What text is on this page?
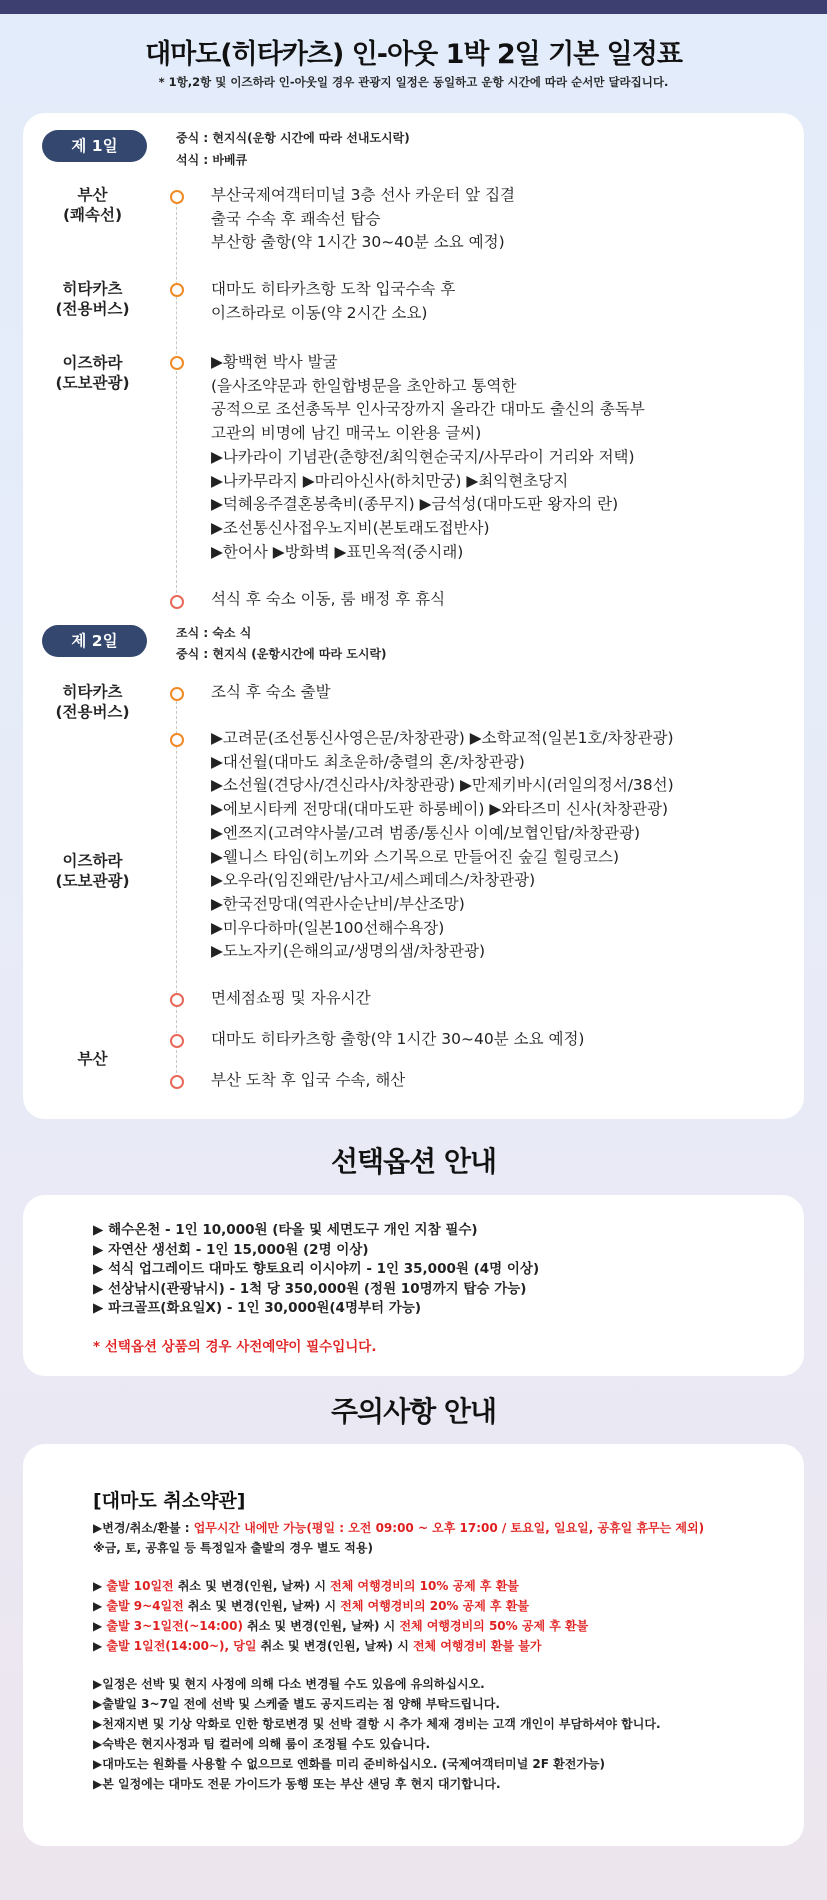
대마도(히타카츠) 인-아웃 1박 2일 기본 일정표
* 1항,2항 및 이즈하라 인-아웃일 경우 관광지 일정은 동일하고 운항 시간에 따라 순서만 달라집니다.
제 1일	중식 : 현지식(운항 시간에 따라 선내도시락)
석식 : 바베큐
부산
(쾌속선)
히타카츠
(전용버스)
이즈하라
(도보관광)
부산국제여객터미널 3층 선사 카운터 앞 집결
출국 수속 후 쾌속선 탑승
부산항 출항(약 1시간 30~40분 소요 예정)
대마도 히타카츠항 도착 입국수속 후
이즈하라로 이동(약 2시간 소요)
▶황백현 박사 발굴
(을사조약문과 한일합병문을 초안하고 통역한
공적으로 조선총독부 인사국장까지 올라간 대마도 출신의 총독부
고관의 비명에 남긴 매국노 이완용 글씨)
▶나카라이 기념관(춘향전/최익현순국지/사무라이 거리와 저택)
▶나카무라지 ▶마리아신사(하치만궁) ▶최익현초당지
▶덕혜옹주결혼봉축비(종무지) ▶금석성(대마도판 왕자의 란)
▶조선통신사접우노지비(본토래도접반사)
▶한어사 ▶방화벽 ▶표민옥적(중시래)
석식 후 숙소 이동, 룸 배정 후 휴식
제 2일	조식 : 숙소 식
중식 : 현지식 (운항시간에 따라 도시락)
히타카츠
(전용버스)
이즈하라
(도보관광)
부산
조식 후 숙소 출발
▶고려문(조선통신사영은문/차창관광) ▶소학교적(일본1호/차창관광)
▶대선월(대마도 최초운하/충렬의 혼/차창관광)
▶소선월(견당사/견신라사/차창관광) ▶만제키바시(러일의정서/38선)
▶에보시타케 전망대(대마도판 하롱베이) ▶와타즈미 신사(차창관광)
▶엔쯔지(고려약사불/고려 범종/통신사 이예/보협인탑/차창관광)
▶웰니스 타임(히노끼와 스기목으로 만들어진 숲길 힐링코스)
▶오우라(임진왜란/남사고/세스페데스/차창관광)
▶한국전망대(역관사순난비/부산조망)
▶미우다하마(일본100선해수욕장)
▶도노자키(은해의교/생명의샘/차창관광)
면세점쇼핑 및 자유시간
대마도 히타카츠항 출항(약 1시간 30~40분 소요 예정)
부산 도착 후 입국 수속, 해산
선택옵션 안내
▶ 해수온천 - 1인 10,000원 (타올 및 세면도구 개인 지참 필수)
▶ 자연산 생선회 - 1인 15,000원 (2명 이상)
▶ 석식 업그레이드 대마도 향토요리 이시야끼 - 1인 35,000원 (4명 이상)
▶ 선상낚시(관광낚시) - 1척 당 350,000원 (정원 10명까지 탑승 가능)
▶ 파크골프(화요일X) - 1인 30,000원(4명부터 가능)
* 선택옵션 상품의 경우 사전예약이 필수입니다.
주의사항 안내
[대마도 취소약관]
▶변경/취소/환불 : 업무시간 내에만 가능(평일 : 오전 09:00 ~ 오후 17:00 / 토요일, 일요일, 공휴일 휴무는 제외)
※금, 토, 공휴일 등 특정일자 출발의 경우 별도 적용)
▶ 출발 10일전 취소 및 변경(인원, 날짜) 시 전체 여행경비의 10% 공제 후 환불
▶ 출발 9~4일전 취소 및 변경(인원, 날짜) 시 전체 여행경비의 20% 공제 후 환불
▶ 출발 3~1일전(~14:00) 취소 및 변경(인원, 날짜) 시 전체 여행경비의 50% 공제 후 환불
▶ 출발 1일전(14:00~), 당일 취소 및 변경(인원, 날짜) 시 전체 여행경비 환불 불가
▶일정은 선박 및 현지 사정에 의해 다소 변경될 수도 있음에 유의하십시오.
▶출발일 3~7일 전에 선박 및 스케줄 별도 공지드리는 점 양해 부탁드립니다.
▶천재지변 및 기상 악화로 인한 항로변경 및 선박 결항 시 추가 체재 경비는 고객 개인이 부담하셔야 합니다.
▶숙박은 현지사정과 팀 컬러에 의해 룸이 조정될 수도 있습니다.
▶대마도는 원화를 사용할 수 없으므로 엔화를 미리 준비하십시오. (국제여객터미널 2F 환전가능)
▶본 일정에는 대마도 전문 가이드가 동행 또는 부산 샌딩 후 현지 대기합니다.
